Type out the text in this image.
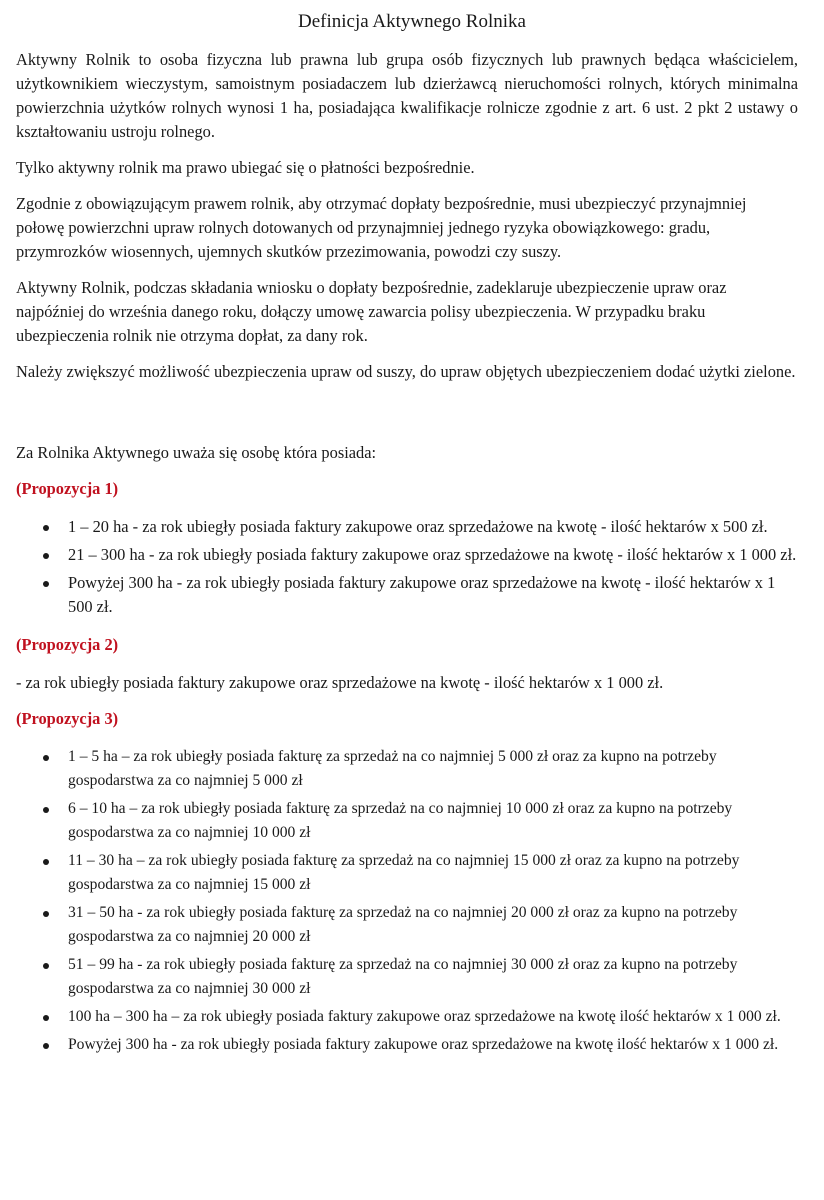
Definicja Aktywnego Rolnika

Aktywny Rolnik to osoba fizyczna lub prawna lub grupa osób fizycznych lub prawnych będąca właścicielem, użytkownikiem wieczystym, samoistnym posiadaczem lub dzierżawcą nieruchomości rolnych, których minimalna powierzchnia użytków rolnych wynosi 1 ha, posiadająca kwalifikacje rolnicze zgodnie z art. 6 ust. 2 pkt 2 ustawy o kształtowaniu ustroju rolnego.

Tylko aktywny rolnik ma prawo ubiegać się o płatności bezpośrednie.

Zgodnie z obowiązującym prawem rolnik, aby otrzymać dopłaty bezpośrednie, musi ubezpieczyć przynajmniej połowę powierzchni upraw rolnych dotowanych od przynajmniej jednego ryzyka obowiązkowego: gradu, przymrozków wiosennych, ujemnych skutków przezimowania, powodzi czy suszy.

Aktywny Rolnik, podczas składania wniosku o dopłaty bezpośrednie, zadeklaruje ubezpieczenie upraw oraz najpóźniej do września danego roku, dołączy umowę zawarcia polisy ubezpieczenia. W przypadku braku ubezpieczenia rolnik nie otrzyma dopłat, za dany rok.

Należy zwiększyć możliwość ubezpieczenia upraw od suszy, do upraw objętych ubezpieczeniem dodać użytki zielone.

Za Rolnika Aktywnego uważa się osobę która posiada:

(Propozycja 1)
1 – 20 ha - za rok ubiegły posiada faktury zakupowe oraz sprzedażowe na kwotę - ilość hektarów x 500 zł.
21 – 300 ha - za rok ubiegły posiada faktury zakupowe oraz sprzedażowe na kwotę - ilość hektarów x 1 000 zł.
Powyżej 300 ha - za rok ubiegły posiada faktury zakupowe oraz sprzedażowe na kwotę - ilość hektarów x 1 500 zł.
(Propozycja 2)

- za rok ubiegły posiada faktury zakupowe oraz sprzedażowe na kwotę - ilość hektarów x 1 000 zł.

(Propozycja 3)
1 – 5 ha – za rok ubiegły posiada fakturę za sprzedaż na co najmniej 5 000 zł oraz za kupno na potrzeby gospodarstwa za co najmniej 5 000 zł
6 – 10 ha – za rok ubiegły posiada fakturę za sprzedaż na co najmniej 10 000 zł oraz za kupno na potrzeby gospodarstwa za co najmniej 10 000 zł
11 – 30 ha – za rok ubiegły posiada fakturę za sprzedaż na co najmniej 15 000 zł oraz za kupno na potrzeby gospodarstwa za co najmniej 15 000 zł
31 – 50 ha - za rok ubiegły posiada fakturę za sprzedaż na co najmniej 20 000 zł oraz za kupno na potrzeby gospodarstwa za co najmniej 20 000 zł
51 – 99 ha - za rok ubiegły posiada fakturę za sprzedaż na co najmniej 30 000 zł oraz za kupno na potrzeby gospodarstwa za co najmniej 30 000 zł
100 ha – 300 ha – za rok ubiegły posiada faktury zakupowe oraz sprzedażowe na kwotę ilość hektarów x 1 000 zł.
Powyżej 300 ha - za rok ubiegły posiada faktury zakupowe oraz sprzedażowe na kwotę ilość hektarów x 1 000 zł.
